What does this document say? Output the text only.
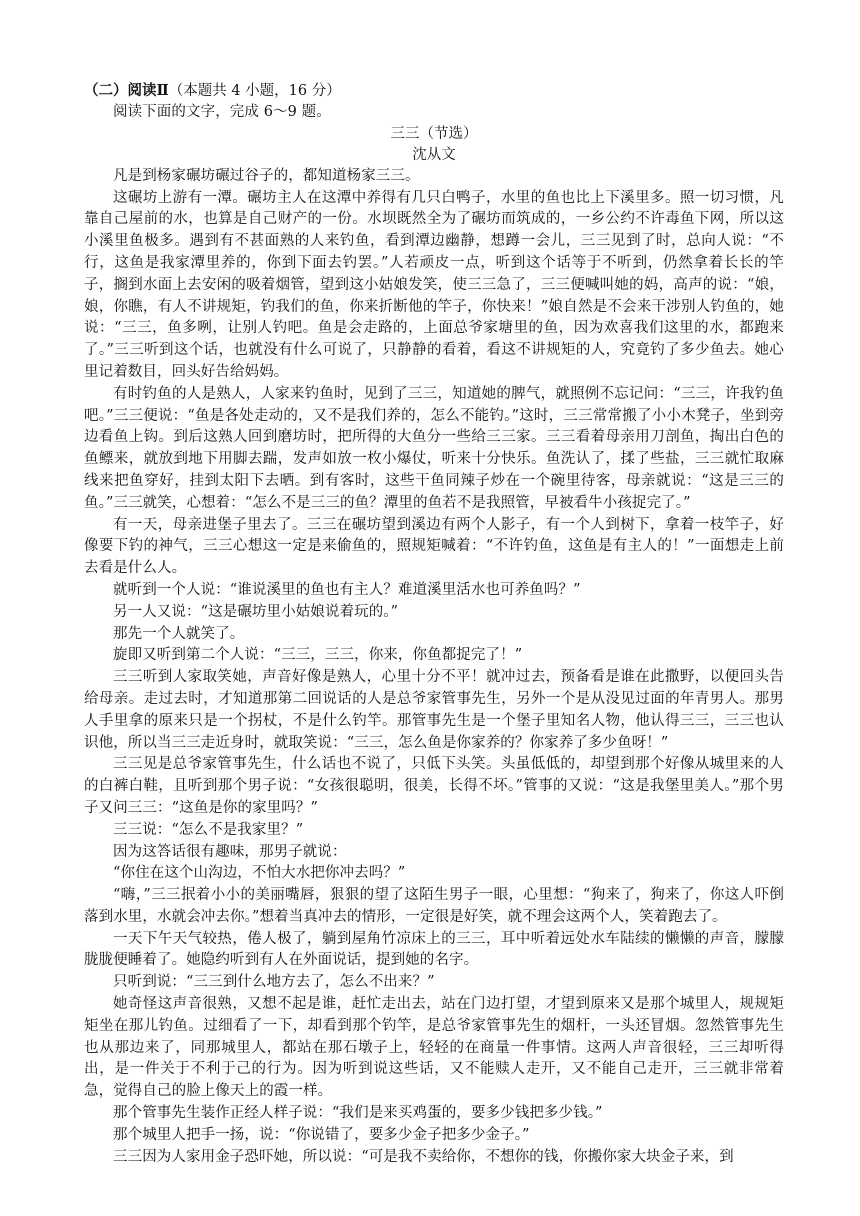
（二）阅读Ⅱ（本题共 4 小题，16 分）

阅读下面的文字，完成 6～9 题。

三三（节选）

沈从文

凡是到杨家碾坊碾过谷子的，都知道杨家三三。

这碾坊上游有一潭。碾坊主人在这潭中养得有几只白鸭子，水里的鱼也比上下溪里多。照一切习惯，凡靠自己屋前的水，也算是自己财产的一份。水坝既然全为了碾坊而筑成的，一乡公约不许毒鱼下网，所以这小溪里鱼极多。遇到有不甚面熟的人来钓鱼，看到潭边幽静，想蹲一会儿，三三见到了时，总向人说：“不行，这鱼是我家潭里养的，你到下面去钓罢。”人若顽皮一点，听到这个话等于不听到，仍然拿着长长的竿子，搁到水面上去安闲的吸着烟管，望到这小姑娘发笑，使三三急了，三三便喊叫她的妈，高声的说：“娘，娘，你瞧，有人不讲规矩，钓我们的鱼，你来折断他的竿子，你快来！”娘自然是不会来干涉别人钓鱼的，她说：“三三，鱼多咧，让别人钓吧。鱼是会走路的，上面总爷家塘里的鱼，因为欢喜我们这里的水，都跑来了。”三三听到这个话，也就没有什么可说了，只静静的看着，看这不讲规矩的人，究竟钓了多少鱼去。她心里记着数目，回头好告给妈妈。

有时钓鱼的人是熟人，人家来钓鱼时，见到了三三，知道她的脾气，就照例不忘记问：“三三，许我钓鱼吧。”三三便说：“鱼是各处走动的，又不是我们养的，怎么不能钓。”这时，三三常常搬了小小木凳子，坐到旁边看鱼上钩。到后这熟人回到磨坊时，把所得的大鱼分一些给三三家。三三看着母亲用刀剖鱼，掏出白色的鱼鳔来，就放到地下用脚去踹，发声如放一枚小爆仗，听来十分快乐。鱼洗认了，揉了些盐，三三就忙取麻线来把鱼穿好，挂到太阳下去晒。到有客时，这些干鱼同辣子炒在一个碗里待客，母亲就说：“这是三三的鱼。”三三就笑，心想着：“怎么不是三三的鱼？潭里的鱼若不是我照管，早被看牛小孩捉完了。”

有一天，母亲进堡子里去了。三三在碾坊望到溪边有两个人影子，有一个人到树下，拿着一枝竿子，好像要下钓的神气，三三心想这一定是来偷鱼的，照规矩喊着：“不许钓鱼，这鱼是有主人的！”一面想走上前去看是什么人。

就听到一个人说：“谁说溪里的鱼也有主人？难道溪里活水也可养鱼吗？”

另一人又说：“这是碾坊里小姑娘说着玩的。”

那先一个人就笑了。

旋即又听到第二个人说：“三三，三三，你来，你鱼都捉完了！”

三三听到人家取笑她，声音好像是熟人，心里十分不平！就冲过去，预备看是谁在此撒野，以便回头告给母亲。走过去时，才知道那第二回说话的人是总爷家管事先生，另外一个是从没见过面的年青男人。那男人手里拿的原来只是一个拐杖，不是什么钓竿。那管事先生是一个堡子里知名人物，他认得三三，三三也认识他，所以当三三走近身时，就取笑说：“三三，怎么鱼是你家养的？你家养了多少鱼呀！”

三三见是总爷家管事先生，什么话也不说了，只低下头笑。头虽低低的，却望到那个好像从城里来的人的白裤白鞋，且听到那个男子说：“女孩很聪明，很美，长得不坏。”管事的又说：“这是我堡里美人。”那个男子又问三三：“这鱼是你的家里吗？”

三三说：“怎么不是我家里？”

因为这答话很有趣味，那男子就说：

“你住在这个山沟边，不怕大水把你冲去吗？”

“嗨，”三三抿着小小的美丽嘴唇，狠狠的望了这陌生男子一眼，心里想：“狗来了，狗来了，你这人吓倒落到水里，水就会冲去你。”想着当真冲去的情形，一定很是好笑，就不理会这两个人，笑着跑去了。

一天下午天气较热，倦人极了，躺到屋角竹凉床上的三三，耳中听着远处水车陆续的懒懒的声音，朦朦胧胧便睡着了。她隐约听到有人在外面说话，提到她的名字。

只听到说：“三三到什么地方去了，怎么不出来？”

她奇怪这声音很熟，又想不起是谁，赶忙走出去，站在门边打望，才望到原来又是那个城里人，规规矩矩坐在那儿钓鱼。过细看了一下，却看到那个钓竿，是总爷家管事先生的烟杆，一头还冒烟。忽然管事先生也从那边来了，同那城里人，都站在那石墩子上，轻轻的在商量一件事情。这两人声音很轻，三三却听得出，是一件关于不利于己的行为。因为听到说这些话，又不能赎人走开，又不能自己走开，三三就非常着急，觉得自己的脸上像天上的霞一样。

那个管事先生装作正经人样子说：“我们是来买鸡蛋的，要多少钱把多少钱。”

那个城里人把手一扬，说：“你说错了，要多少金子把多少金子。”

三三因为人家用金子恐吓她，所以说：“可是我不卖给你，不想你的钱，你搬你家大块金子来，到
